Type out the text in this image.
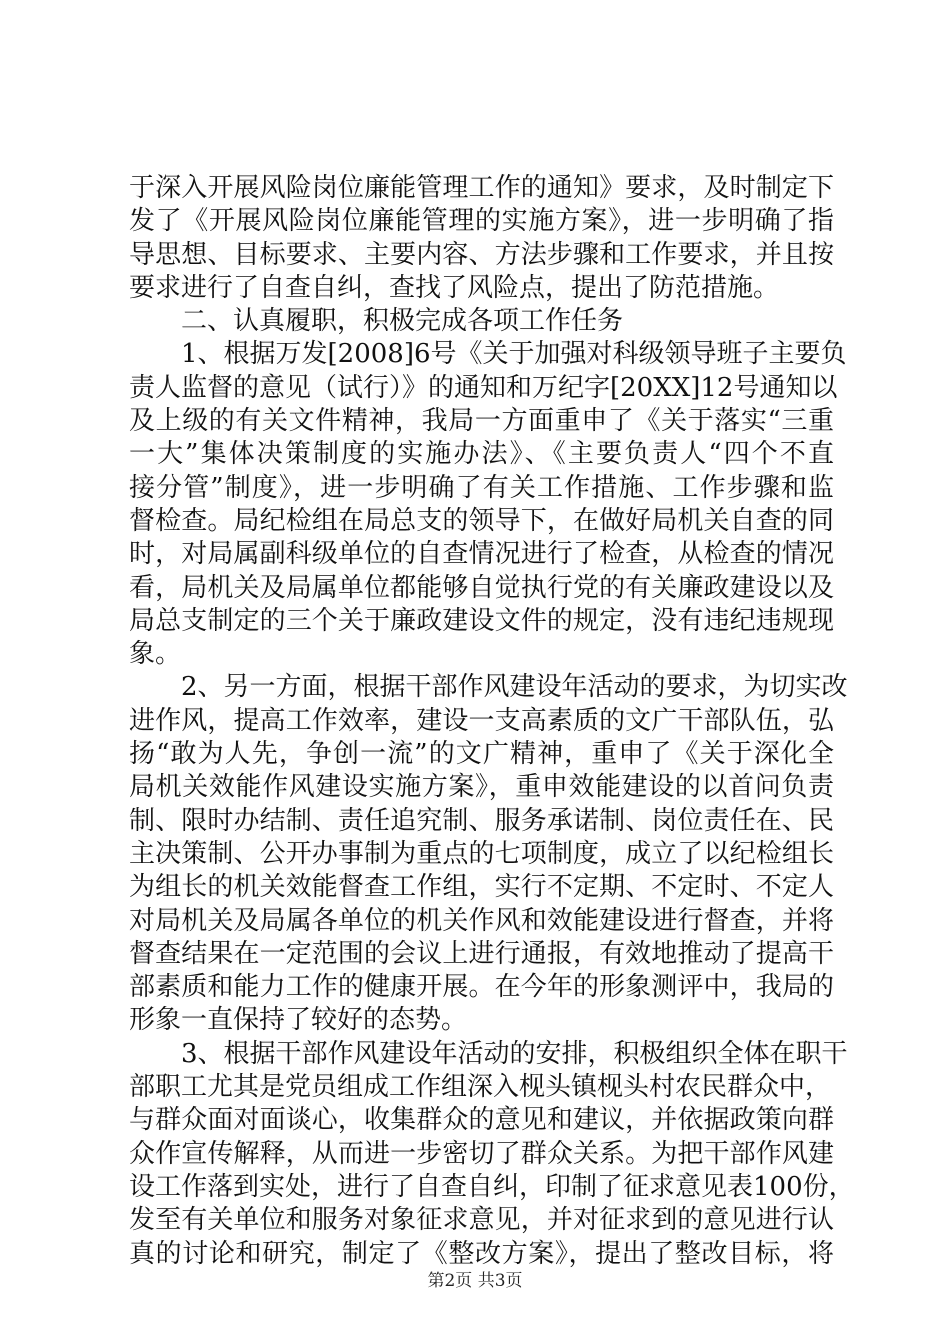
于深入开展风险岗位廉能管理工作的通知》要求，及时制定下
发了《开展风险岗位廉能管理的实施方案》，进一步明确了指
导思想、目标要求、主要内容、方法步骤和工作要求，并且按
要求进行了自查自纠，查找了风险点，提出了防范措施。
　　二、认真履职，积极完成各项工作任务
　　1、根据万发[2008]6号《关于加强对科级领导班子主要负
责人监督的意见（试行）》的通知和万纪字[20XX]12号通知以
及上级的有关文件精神，我局一方面重申了《关于落实“三重
一大”集体决策制度的实施办法》、《主要负责人“四个不直
接分管”制度》，进一步明确了有关工作措施、工作步骤和监
督检查。局纪检组在局总支的领导下，在做好局机关自查的同
时，对局属副科级单位的自查情况进行了检查，从检查的情况
看，局机关及局属单位都能够自觉执行党的有关廉政建设以及
局总支制定的三个关于廉政建设文件的规定，没有违纪违规现
象。
　　2、另一方面，根据干部作风建设年活动的要求，为切实改
进作风，提高工作效率，建设一支高素质的文广干部队伍，弘
扬“敢为人先，争创一流”的文广精神，重申了《关于深化全
局机关效能作风建设实施方案》，重申效能建设的以首问负责
制、限时办结制、责任追究制、服务承诺制、岗位责任在、民
主决策制、公开办事制为重点的七项制度，成立了以纪检组长
为组长的机关效能督查工作组，实行不定期、不定时、不定人
对局机关及局属各单位的机关作风和效能建设进行督查，并将
督查结果在一定范围的会议上进行通报，有效地推动了提高干
部素质和能力工作的健康开展。在今年的形象测评中，我局的
形象一直保持了较好的态势。
　　3、根据干部作风建设年活动的安排，积极组织全体在职干
部职工尤其是党员组成工作组深入枧头镇枧头村农民群众中，
与群众面对面谈心，收集群众的意见和建议，并依据政策向群
众作宣传解释，从而进一步密切了群众关系。为把干部作风建
设工作落到实处，进行了自查自纠，印制了征求意见表100份，
发至有关单位和服务对象征求意见，并对征求到的意见进行认
真的讨论和研究，制定了《整改方案》，提出了整改目标，将
第2页 共3页
